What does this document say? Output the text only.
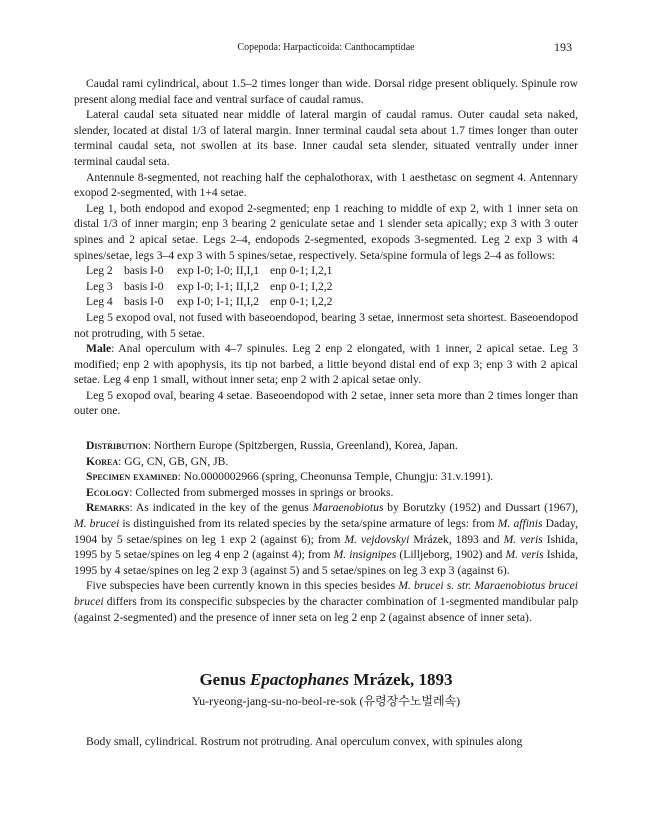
Copepoda: Harpacticoida: Canthocamptidae	193

Caudal rami cylindrical, about 1.5–2 times longer than wide. Dorsal ridge present obliquely. Spinule row present along medial face and ventral surface of caudal ramus.

Lateral caudal seta situated near middle of lateral margin of caudal ramus. Outer caudal seta naked, slender, located at distal 1/3 of lateral margin. Inner terminal caudal seta about 1.7 times longer than outer terminal caudal seta, not swollen at its base. Inner caudal seta slender, situated ventrally under inner terminal caudal seta.

Antennule 8-segmented, not reaching half the cephalothorax, with 1 aesthetasc on segment 4. Antennary exopod 2-segmented, with 1+4 setae.

Leg 1, both endopod and exopod 2-segmented; enp 1 reaching to middle of exp 2, with 1 inner seta on distal 1/3 of inner margin; enp 3 bearing 2 geniculate setae and 1 slender seta apically; exp 3 with 3 outer spines and 2 apical setae. Legs 2–4, endopods 2-segmented, exopods 3-segmented. Leg 2 exp 3 with 4 spines/setae, legs 3–4 exp 3 with 5 spines/setae, respectively. Seta/spine formula of legs 2–4 as follows:

Leg 2 basis I-0	exp I-0; I-0; II,I,1 enp 0-1; I,2,1
Leg 3 basis I-0	exp I-0; I-1; II,I,2 enp 0-1; I,2,2
Leg 4 basis I-0	exp I-0; I-1; II,I,2 enp 0-1; I,2,2

Leg 5 exopod oval, not fused with baseoendopod, bearing 3 setae, innermost seta shortest. Baseoendopod not protruding, with 5 setae.

Male: Anal operculum with 4–7 spinules. Leg 2 enp 2 elongated, with 1 inner, 2 apical setae. Leg 3 modified; enp 2 with apophysis, its tip not barbed, a little beyond distal end of exp 3; enp 3 with 2 apical setae. Leg 4 enp 1 small, without inner seta; enp 2 with 2 apical setae only.

Leg 5 exopod oval, bearing 4 setae. Baseoendopod with 2 setae, inner seta more than 2 times longer than outer one.

Distribution: Northern Europe (Spitzbergen, Russia, Greenland), Korea, Japan.

Korea: GG, CN, GB, GN, JB.

Specimen examined: No.0000002966 (spring, Cheonunsa Temple, Chungju: 31.v.1991).

Ecology: Collected from submerged mosses in springs or brooks.

Remarks: As indicated in the key of the genus Maraenobiotus by Borutzky (1952) and Dussart (1967), M. brucei is distinguished from its related species by the seta/spine armature of legs: from M. affinis Daday, 1904 by 5 setae/spines on leg 1 exp 2 (against 6); from M. vejdovskyi Mrázek, 1893 and M. veris Ishida, 1995 by 5 setae/spines on leg 4 enp 2 (against 4); from M. insignipes (Lilljeborg, 1902) and M. veris Ishida, 1995 by 4 setae/spines on leg 2 exp 3 (against 5) and 5 setae/spines on leg 3 exp 3 (against 6).

Five subspecies have been currently known in this species besides M. brucei s. str. Maraenobiotus brucei brucei differs from its conspecific subspecies by the character combination of 1-segmented mandibular palp (against 2-segmented) and the presence of inner seta on leg 2 enp 2 (against absence of inner seta).

Genus Epactophanes Mrázek, 1893
Yu-ryeong-jang-su-no-beol-re-sok (유령장수노벌레속)

Body small, cylindrical. Rostrum not protruding. Anal operculum convex, with spinules along
